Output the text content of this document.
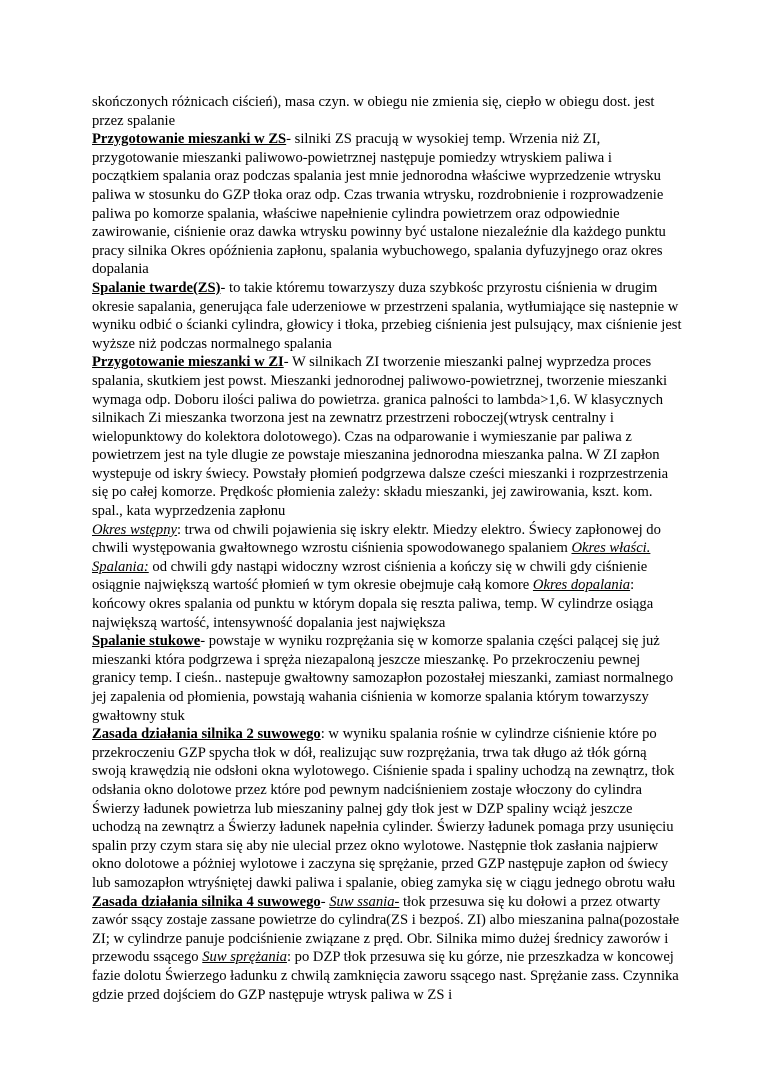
skończonych różnicach ciścień), masa czyn. w obiegu nie zmienia się, ciepło w obiegu dost. jest przez spalanie

Przygotowanie mieszanki w ZS- silniki ZS pracują w wysokiej temp. Wrzenia niż ZI, przygotowanie mieszanki paliwowo-powietrznej następuje pomiedzy wtryskiem paliwa i początkiem spalania oraz podczas spalania jest mnie jednorodna właściwe wyprzedzenie wtrysku paliwa w stosunku do GZP tłoka oraz odp. Czas trwania wtrysku, rozdrobnienie i rozprowadzenie paliwa po komorze spalania, właściwe napełnienie cylindra powietrzem oraz odpowiednie zawirowanie, ciśnienie oraz dawka wtrysku powinny być ustalone niezaleźnie dla każdego punktu pracy silnika Okres opóźnienia zapłonu, spalania wybuchowego, spalania dyfuzyjnego oraz okres dopalania

Spalanie twarde(ZS)- to takie któremu towarzyszy duza szybkośc przyrostu ciśnienia w drugim okresie sapalania, generująca fale uderzeniowe w przestrzeni spalania, wytłumiające się nastepnie w wyniku odbić o ścianki cylindra, głowicy i tłoka, przebieg ciśnienia jest pulsujący, max ciśnienie jest wyższe niż podczas normalnego spalania

Przygotowanie mieszanki w ZI- W silnikach ZI tworzenie mieszanki palnej wyprzedza proces spalania, skutkiem jest powst. Mieszanki jednorodnej paliwowo-powietrznej, tworzenie mieszanki wymaga odp. Doboru ilości paliwa do powietrza. granica palności to lambda>1,6. W klasycznych silnikach Zi mieszanka tworzona jest na zewnatrz przestrzeni roboczej(wtrysk centralny i wielopunktowy do kolektora dolotowego). Czas na odparowanie i wymieszanie par paliwa z powietrzem jest na tyle dlugie ze powstaje mieszanina jednorodna mieszanka palna. W ZI zapłon wystepuje od iskry świecy. Powstały płomień podgrzewa dalsze cześci mieszanki i rozprzestrzenia się po całej komorze. Prędkośc płomienia zależy: składu mieszanki, jej zawirowania, kszt. kom. spal., kata wyprzedzenia zapłonu

Okres wstępny: trwa od chwili pojawienia się iskry elektr. Miedzy elektro. Świecy zapłonowej do chwili występowania gwałtownego wzrostu ciśnienia spowodowanego spalaniem Okres właści. Spalania: od chwili gdy nastąpi widoczny wzrost ciśnienia a kończy się w chwili gdy ciśnienie osiągnie największą wartość płomień w tym okresie obejmuje całą komore Okres dopalania: końcowy okres spalania od punktu w którym dopala się reszta paliwa, temp. W cylindrze osiąga największą wartość, intensywność dopalania jest największa

Spalanie stukowe- powstaje w wyniku rozprężania się w komorze spalania części palącej się już mieszanki która podgrzewa i spręża niezapaloną jeszcze mieszankę. Po przekroczeniu pewnej granicy temp. I cieśn.. nastepuje gwałtowny samozapłon pozostałej mieszanki, zamiast normalnego jej zapalenia od płomienia, powstają wahania ciśnienia w komorze spalania którym towarzyszy gwałtowny stuk

Zasada działania silnika 2 suwowego: w wyniku spalania rośnie w cylindrze ciśnienie które po przekroczeniu GZP spycha tłok w dół, realizując suw rozprężania, trwa tak długo aż tłók górną swoją krawędzią nie odsłoni okna wylotowego. Ciśnienie spada i spaliny uchodzą na zewnątrz, tłok odsłania okno dolotowe przez które pod pewnym nadciśnieniem zostaje włoczony do cylindra Świerzy ładunek powietrza lub mieszaniny palnej gdy tłok jest w DZP spaliny wciąż jeszcze uchodzą na zewnątrz a Świerzy ładunek napełnia cylinder. Świerzy ładunek pomaga przy usunięciu spalin przy czym stara się aby nie ulecial przez okno wylotowe. Następnie tłok zasłania najpierw okno dolotowe a póżniej wylotowe i zaczyna się sprężanie, przed GZP następuje zapłon od świecy lub samozapłon wtryśniętej dawki paliwa i spalanie, obieg zamyka się w ciągu jednego obrotu wału

Zasada działania silnika 4 suwowego- Suw ssania- tłok przesuwa się ku dołowi a przez otwarty zawór ssący zostaje zassane powietrze do cylindra(ZS i bezpoś. ZI) albo mieszanina palna(pozostałe ZI; w cylindrze panuje podciśnienie związane z pręd. Obr. Silnika mimo dużej średnicy zaworów i przewodu ssącego Suw sprężania: po DZP tłok przesuwa się ku górze, nie przeszkadza w koncowej fazie dolotu Świerzego ładunku z chwilą zamknięcia zaworu ssącego nast. Sprężanie zass. Czynnika gdzie przed dojściem do GZP następuje wtrysk paliwa w ZS i
